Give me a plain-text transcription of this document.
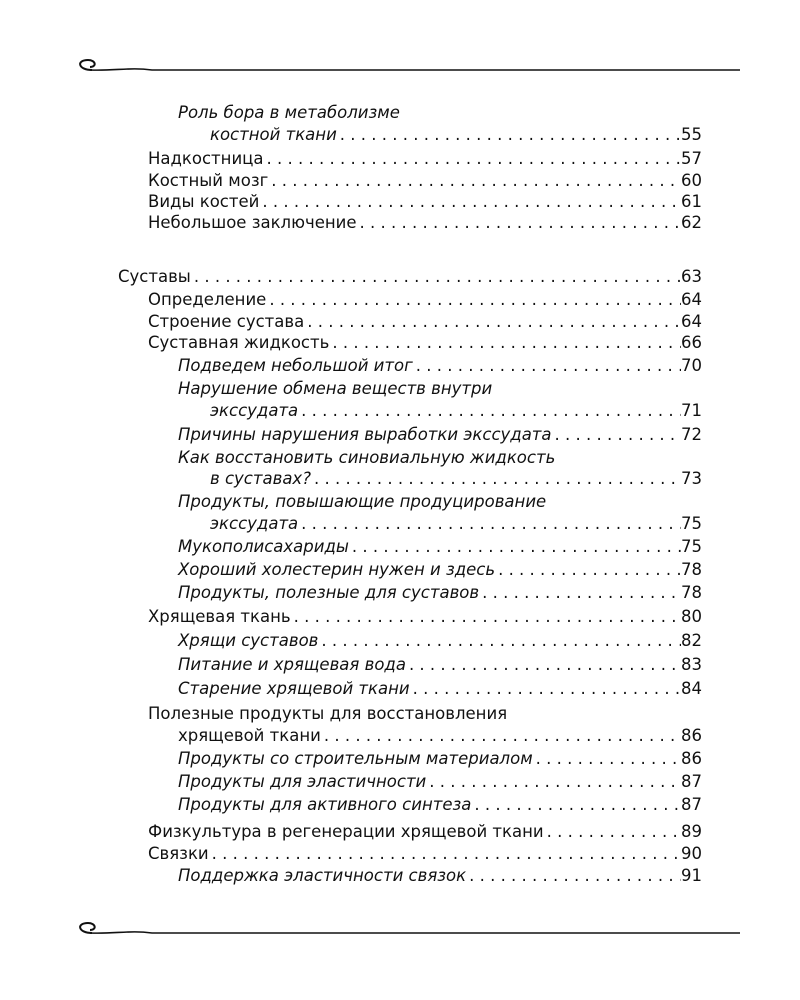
Роль бора в метаболизме
костной ткани . . .	55
Надкостница . . .	57
Костный мозг . . .	60
Виды костей . . .	61
Небольшое заключение . . .	62
Суставы . . .	63
Определение . . .	64
Строение сустава . . .	64
Суставная жидкость . . .	66
Подведем небольшой итог . . .	70
Нарушение обмена веществ внутри
экссудата . . .	71
Причины нарушения выработки экссудата . . .	72
Как восстановить синовиальную жидкость
в суставах? . . .	73
Продукты, повышающие продуцирование
экссудата . . .	75
Мукополисахариды . . .	75
Хороший холестерин нужен и здесь . . .	78
Продукты, полезные для суставов . . .	78
Хрящевая ткань . . .	80
Хрящи суставов . . .	82
Питание и хрящевая вода . . .	83
Старение хрящевой ткани . . .	84
Полезные продукты для восстановления
хрящевой ткани . . .	86
Продукты со строительным материалом . . .	86
Продукты для эластичности . . .	87
Продукты для активного синтеза . . .	87
Физкультура в регенерации хрящевой ткани . . .	89
Связки . . .	90
Поддержка эластичности связок . . .	91
